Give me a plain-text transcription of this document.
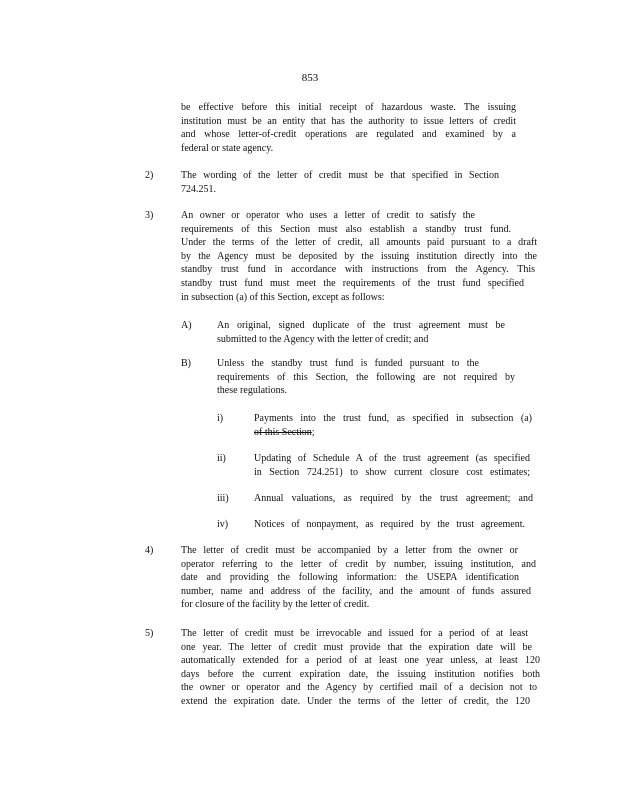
853
be effective before this initial receipt of hazardous waste. The issuing
institution must be an entity that has the authority to issue letters of credit
and whose letter-of-credit operations are regulated and examined by a
federal or state agency.
2)	The wording of the letter of credit must be that specified in Section
724.251.
3)	An owner or operator who uses a letter of credit to satisfy the
requirements of this Section must also establish a standby trust fund.
Under the terms of the letter of credit, all amounts paid pursuant to a draft
by the Agency must be deposited by the issuing institution directly into the
standby trust fund in accordance with instructions from the Agency. This
standby trust fund must meet the requirements of the trust fund specified
in subsection (a) of this Section, except as follows:
A)	An original, signed duplicate of the trust agreement must be
submitted to the Agency with the letter of credit; and
B)	Unless the standby trust fund is funded pursuant to the
requirements of this Section, the following are not required by
these regulations.
i)	Payments into the trust fund, as specified in subsection (a)
of this Section;
ii)	Updating of Schedule A of the trust agreement (as specified
in Section 724.251) to show current closure cost estimates;
iii)	Annual valuations, as required by the trust agreement; and
iv)	Notices of nonpayment, as required by the trust agreement.
4)	The letter of credit must be accompanied by a letter from the owner or
operator referring to the letter of credit by number, issuing institution, and
date and providing the following information: the USEPA identification
number, name and address of the facility, and the amount of funds assured
for closure of the facility by the letter of credit.
5)	The letter of credit must be irrevocable and issued for a period of at least
one year. The letter of credit must provide that the expiration date will be
automatically extended for a period of at least one year unless, at least 120
days before the current expiration date, the issuing institution notifies both
the owner or operator and the Agency by certified mail of a decision not to
extend the expiration date. Under the terms of the letter of credit, the 120
